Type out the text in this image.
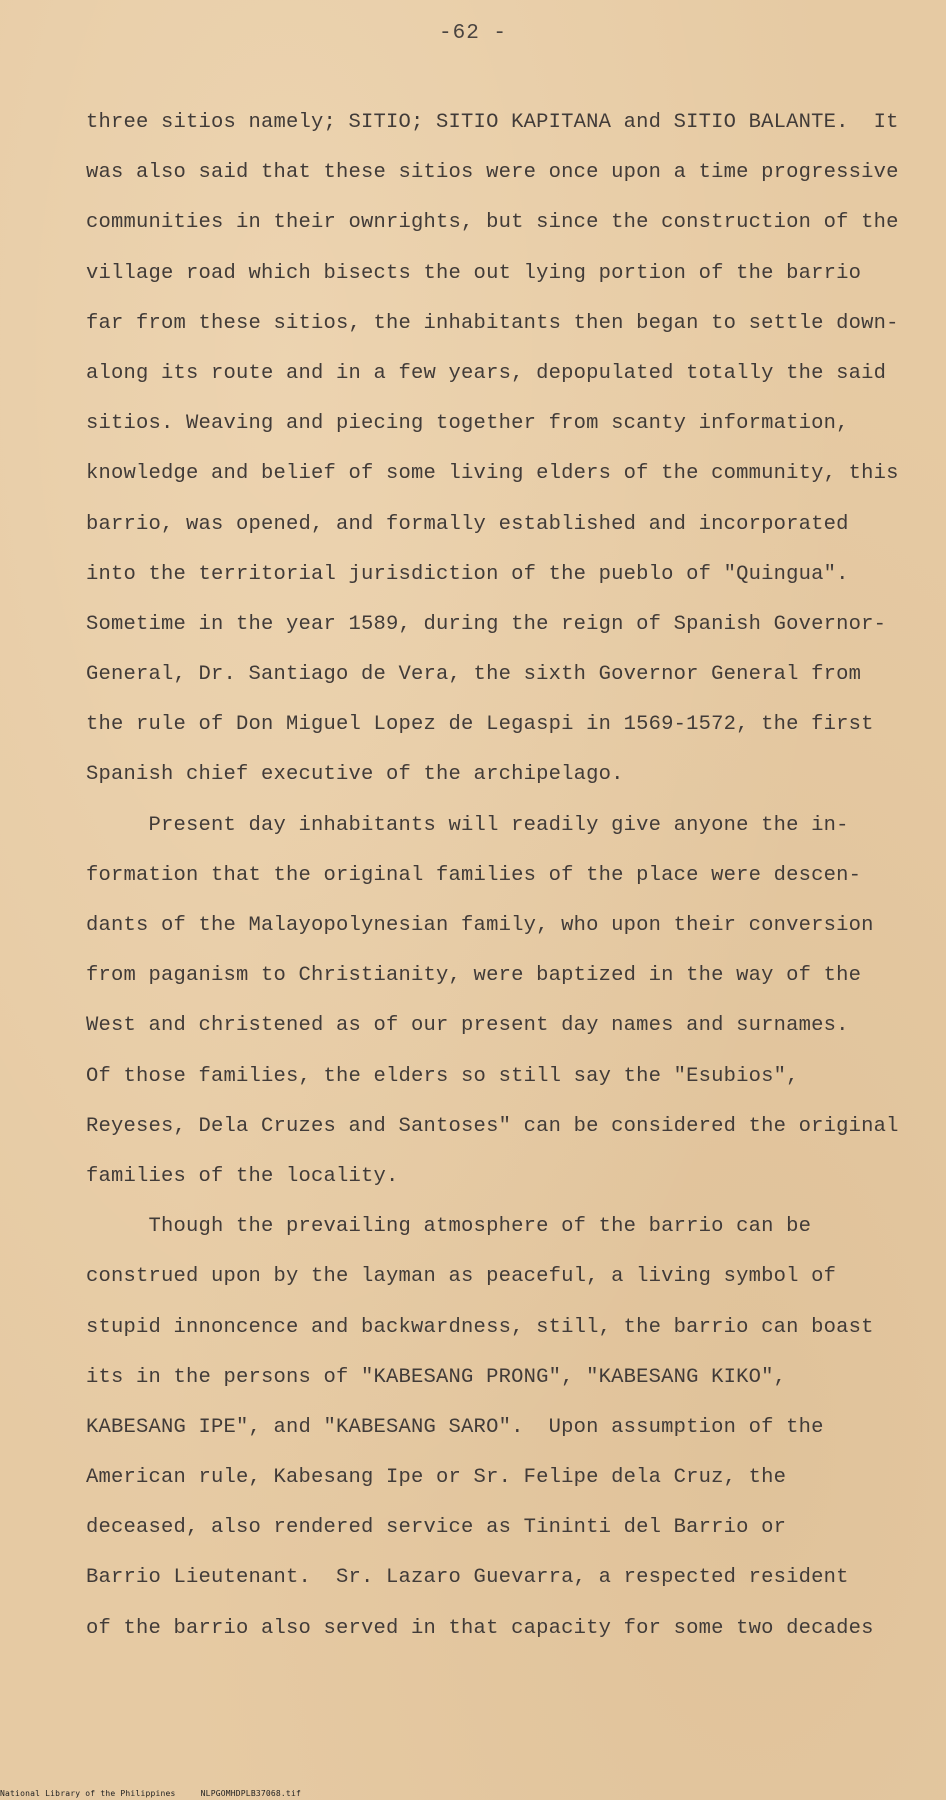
-62 -
three sitios namely; SITIO; SITIO KAPITANA and SITIO BALANTE.  It
was also said that these sitios were once upon a time progressive
communities in their ownrights, but since the construction of the
village road which bisects the out lying portion of the barrio
far from these sitios, the inhabitants then began to settle down-
along its route and in a few years, depopulated totally the said
sitios. Weaving and piecing together from scanty information,
knowledge and belief of some living elders of the community, this
barrio, was opened, and formally established and incorporated
into the territorial jurisdiction of the pueblo of "Quingua".
Sometime in the year 1589, during the reign of Spanish Governor-
General, Dr. Santiago de Vera, the sixth Governor General from
the rule of Don Miguel Lopez de Legaspi in 1569-1572, the first
Spanish chief executive of the archipelago.
Present day inhabitants will readily give anyone the in-
formation that the original families of the place were descen-
dants of the Malayopolynesian family, who upon their conversion
from paganism to Christianity, were baptized in the way of the
West and christened as of our present day names and surnames.
Of those families, the elders so still say the "Esubios",
Reyeses, Dela Cruzes and Santoses" can be considered the original
families of the locality.
Though the prevailing atmosphere of the barrio can be
construed upon by the layman as peaceful, a living symbol of
stupid innoncence and backwardness, still, the barrio can boast
its in the persons of "KABESANG PRONG", "KABESANG KIKO",
KABESANG IPE", and "KABESANG SARO".  Upon assumption of the
American rule, Kabesang Ipe or Sr. Felipe dela Cruz, the
deceased, also rendered service as Tininti del Barrio or
Barrio Lieutenant.  Sr. Lazaro Guevarra, a respected resident
of the barrio also served in that capacity for some two decades
National Library of the Philippines     NLPGOMHDPLB37068.tif
